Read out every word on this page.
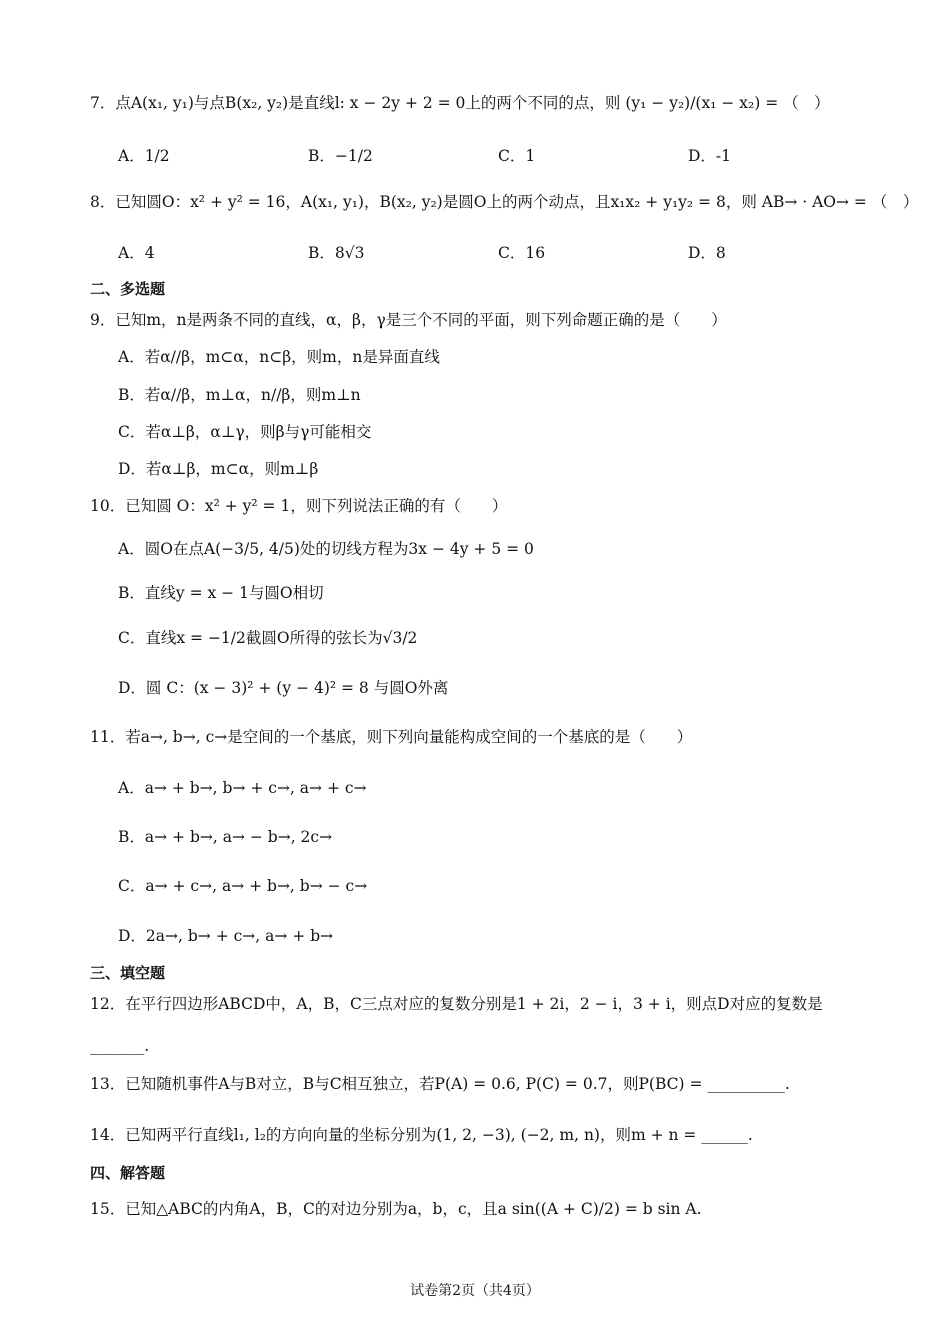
7．点A(x₁, y₁)与点B(x₂, y₂)是直线l: x − 2y + 2 = 0上的两个不同的点，则 (y₁ − y₂)/(x₁ − x₂) = （　）
A．1/2	B．−1/2	C．1	D．-1
8．已知圆O：x² + y² = 16，A(x₁, y₁)，B(x₂, y₂)是圆O上的两个动点，且x₁x₂ + y₁y₂ = 8，则 AB→ · AO→ = （　）
A．4	B．8√3	C．16	D．8
二、多选题
9．已知m，n是两条不同的直线，α，β，γ是三个不同的平面，则下列命题正确的是（　　）
A．若α//β，m⊂α，n⊂β，则m，n是异面直线
B．若α//β，m⊥α，n//β，则m⊥n
C．若α⊥β，α⊥γ，则β与γ可能相交
D．若α⊥β，m⊂α，则m⊥β
10．已知圆 O：x² + y² = 1，则下列说法正确的有（　　）
A．圆O在点A(−3/5, 4/5)处的切线方程为3x − 4y + 5 = 0
B．直线y = x − 1与圆O相切
C．直线x = −1/2截圆O所得的弦长为√3/2
D．圆 C：(x − 3)² + (y − 4)² = 8 与圆O外离
11．若a→, b→, c→是空间的一个基底，则下列向量能构成空间的一个基底的是（　　）
A．a→ + b→, b→ + c→, a→ + c→
B．a→ + b→, a→ − b→, 2c→
C．a→ + c→, a→ + b→, b→ − c→
D．2a→, b→ + c→, a→ + b→
三、填空题
12．在平行四边形ABCD中，A，B，C三点对应的复数分别是1 + 2i，2 − i，3 + i，则点D对应的复数是
_______.
13．已知随机事件A与B对立，B与C相互独立，若P(A) = 0.6, P(C) = 0.7，则P(BC) = __________.
14．已知两平行直线l₁, l₂的方向向量的坐标分别为(1, 2, −3), (−2, m, n)，则m + n = ______.
四、解答题
15．已知△ABC的内角A，B，C的对边分别为a，b，c，且a sin((A + C)/2) = b sin A.
试卷第2页（共4页）
